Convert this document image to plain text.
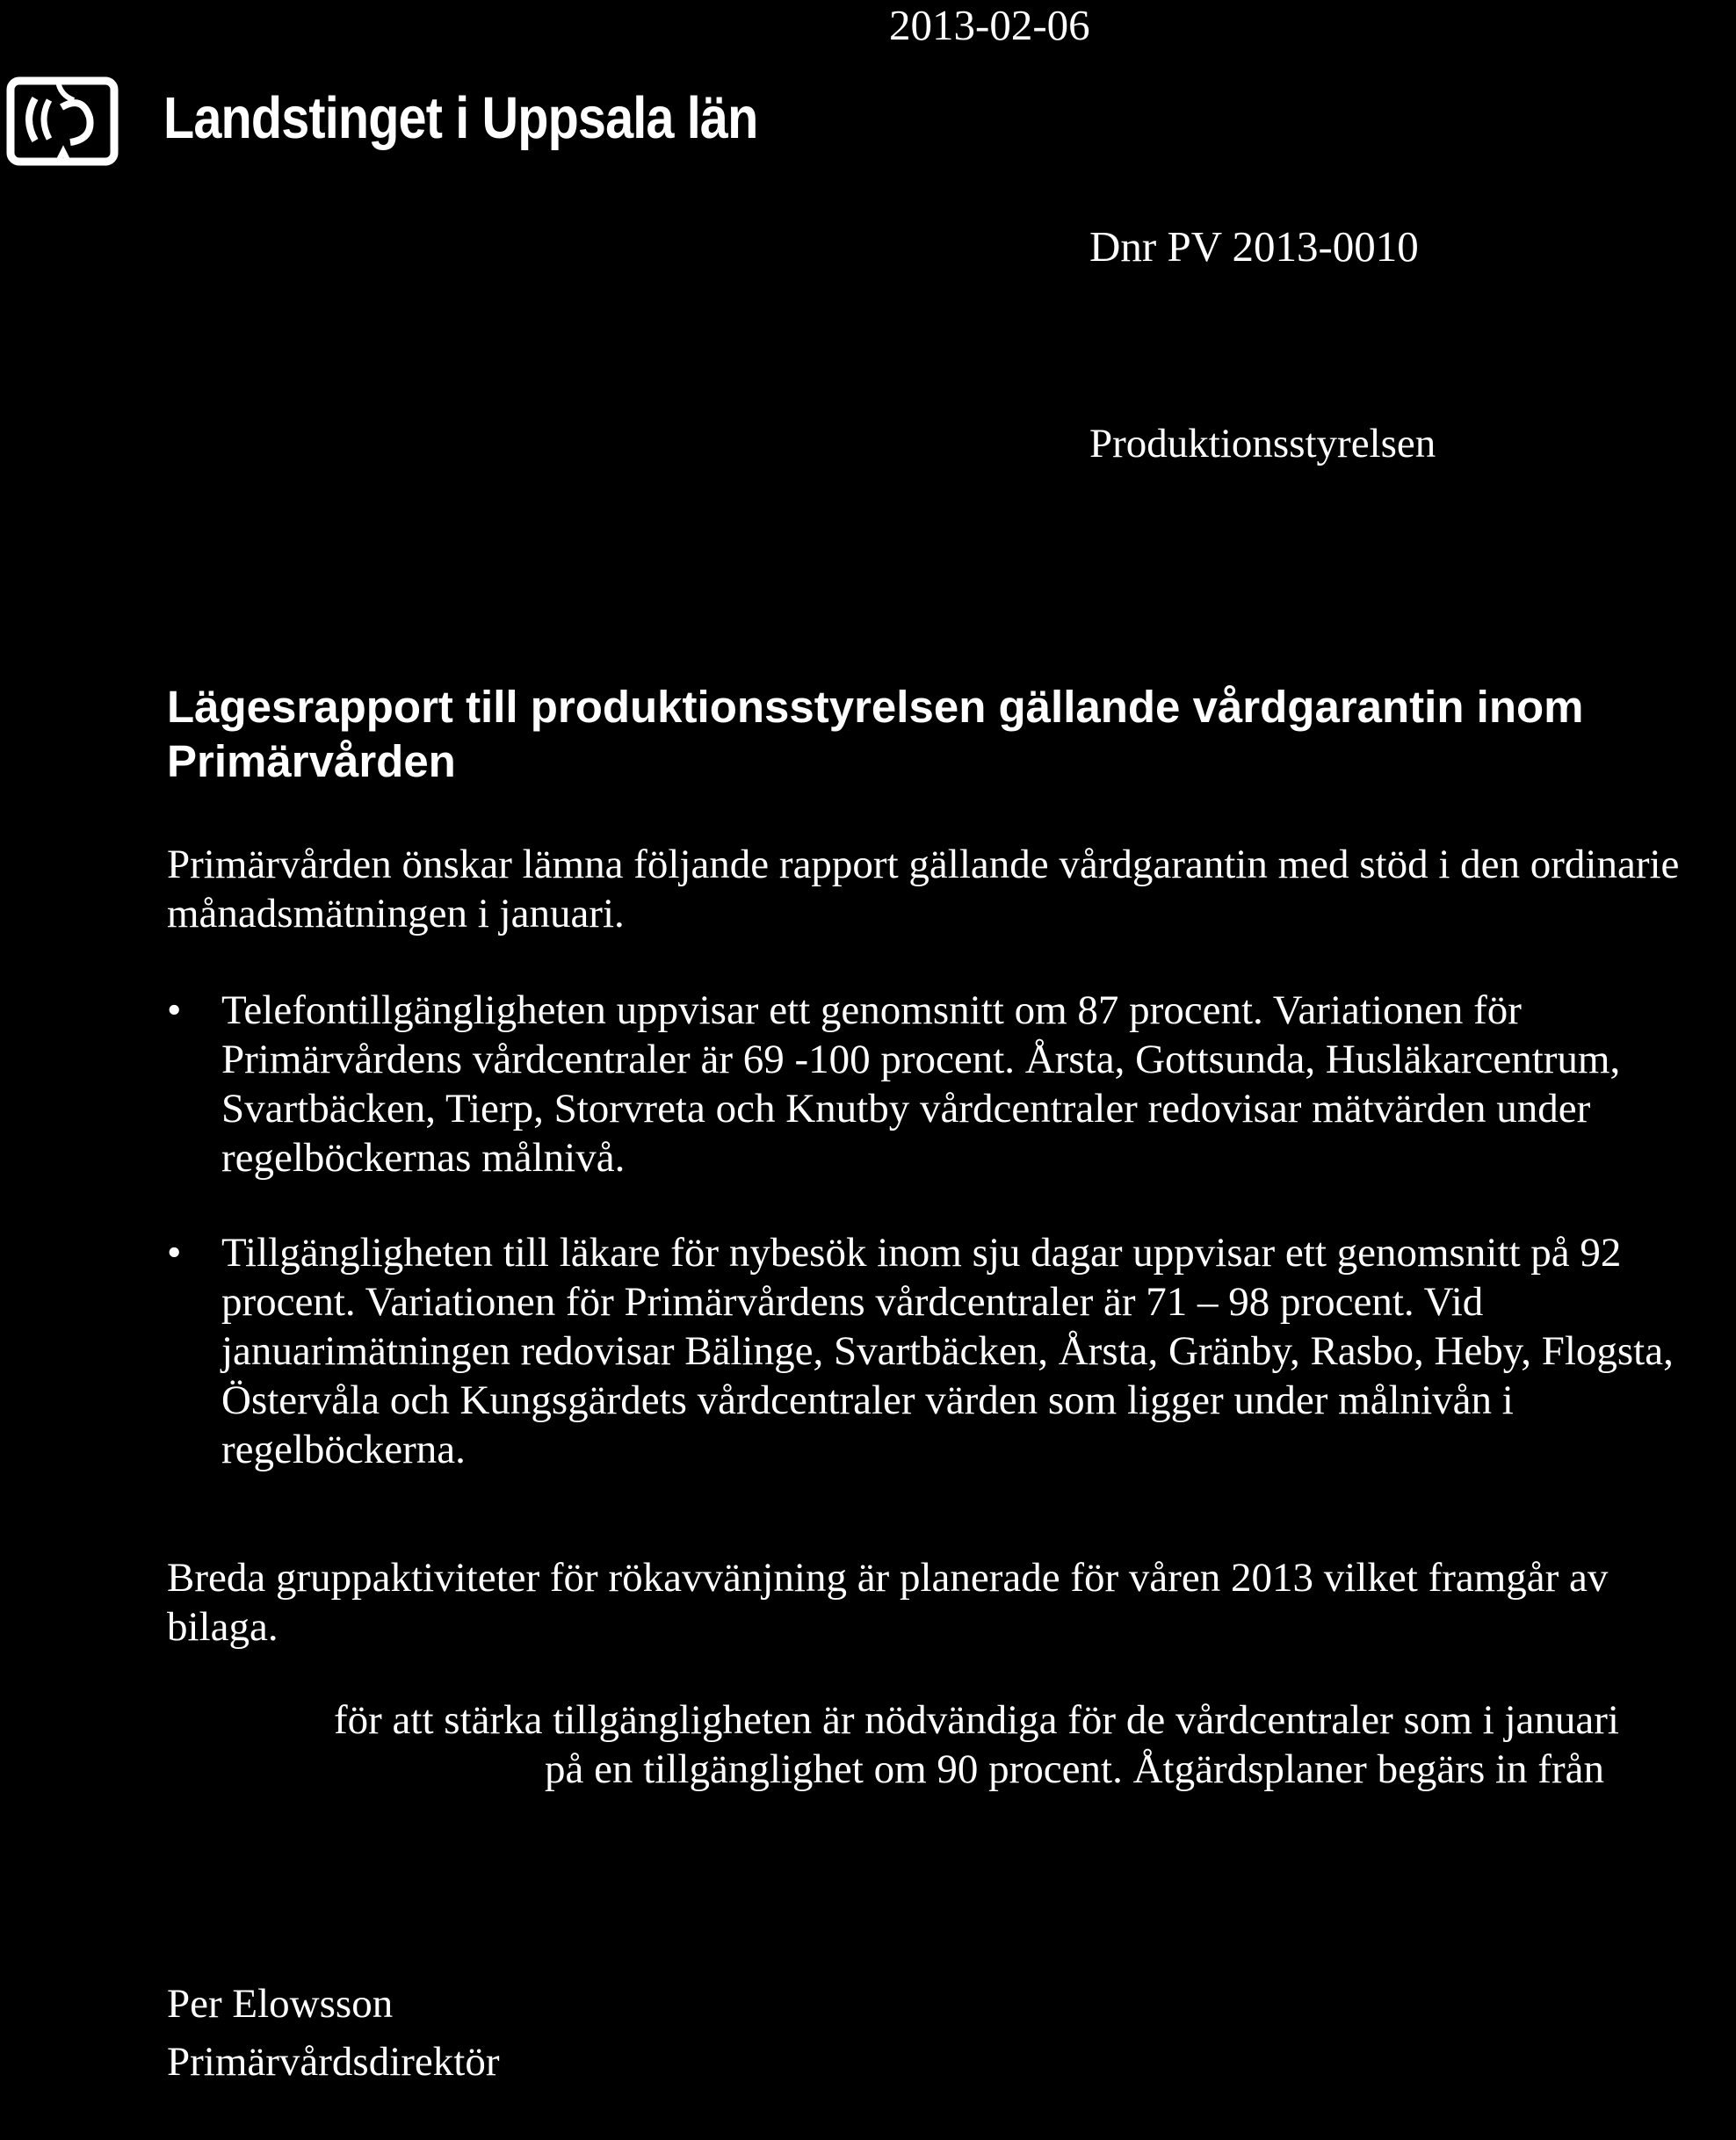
Landstinget i Uppsala län
2013-02-06
Dnr PV 2013-0010
Produktionsstyrelsen
Lägesrapport till produktionsstyrelsen gällande vårdgarantin inom Primärvården
Primärvården önskar lämna följande rapport gällande vårdgarantin med stöd i den ordinarie månadsmätningen i januari.
• Telefontillgängligheten uppvisar ett genomsnitt om 87 procent. Variationen för Primärvårdens vårdcentraler är 69 -100 procent. Årsta, Gottsunda, Husläkarcentrum, Svartbäcken, Tierp, Storvreta och Knutby vårdcentraler redovisar mätvärden under regelböckernas målnivå.
• Tillgängligheten till läkare för nybesök inom sju dagar uppvisar ett genomsnitt på 92 procent. Variationen för Primärvårdens vårdcentraler är 71 – 98 procent. Vid januarimätningen redovisar Bälinge, Svartbäcken, Årsta, Gränby, Rasbo, Heby, Flogsta, Östervåla och Kungsgärdets vårdcentraler värden som ligger under målnivån i regelböckerna.
Breda gruppaktiviteter för rökavvänjning är planerade för våren 2013 vilket framgår av bilaga.
för att stärka tillgängligheten är nödvändiga för de vårdcentraler som i januari
på en tillgänglighet om 90 procent. Åtgärdsplaner begärs in från
Per Elowsson
Primärvårdsdirektör
